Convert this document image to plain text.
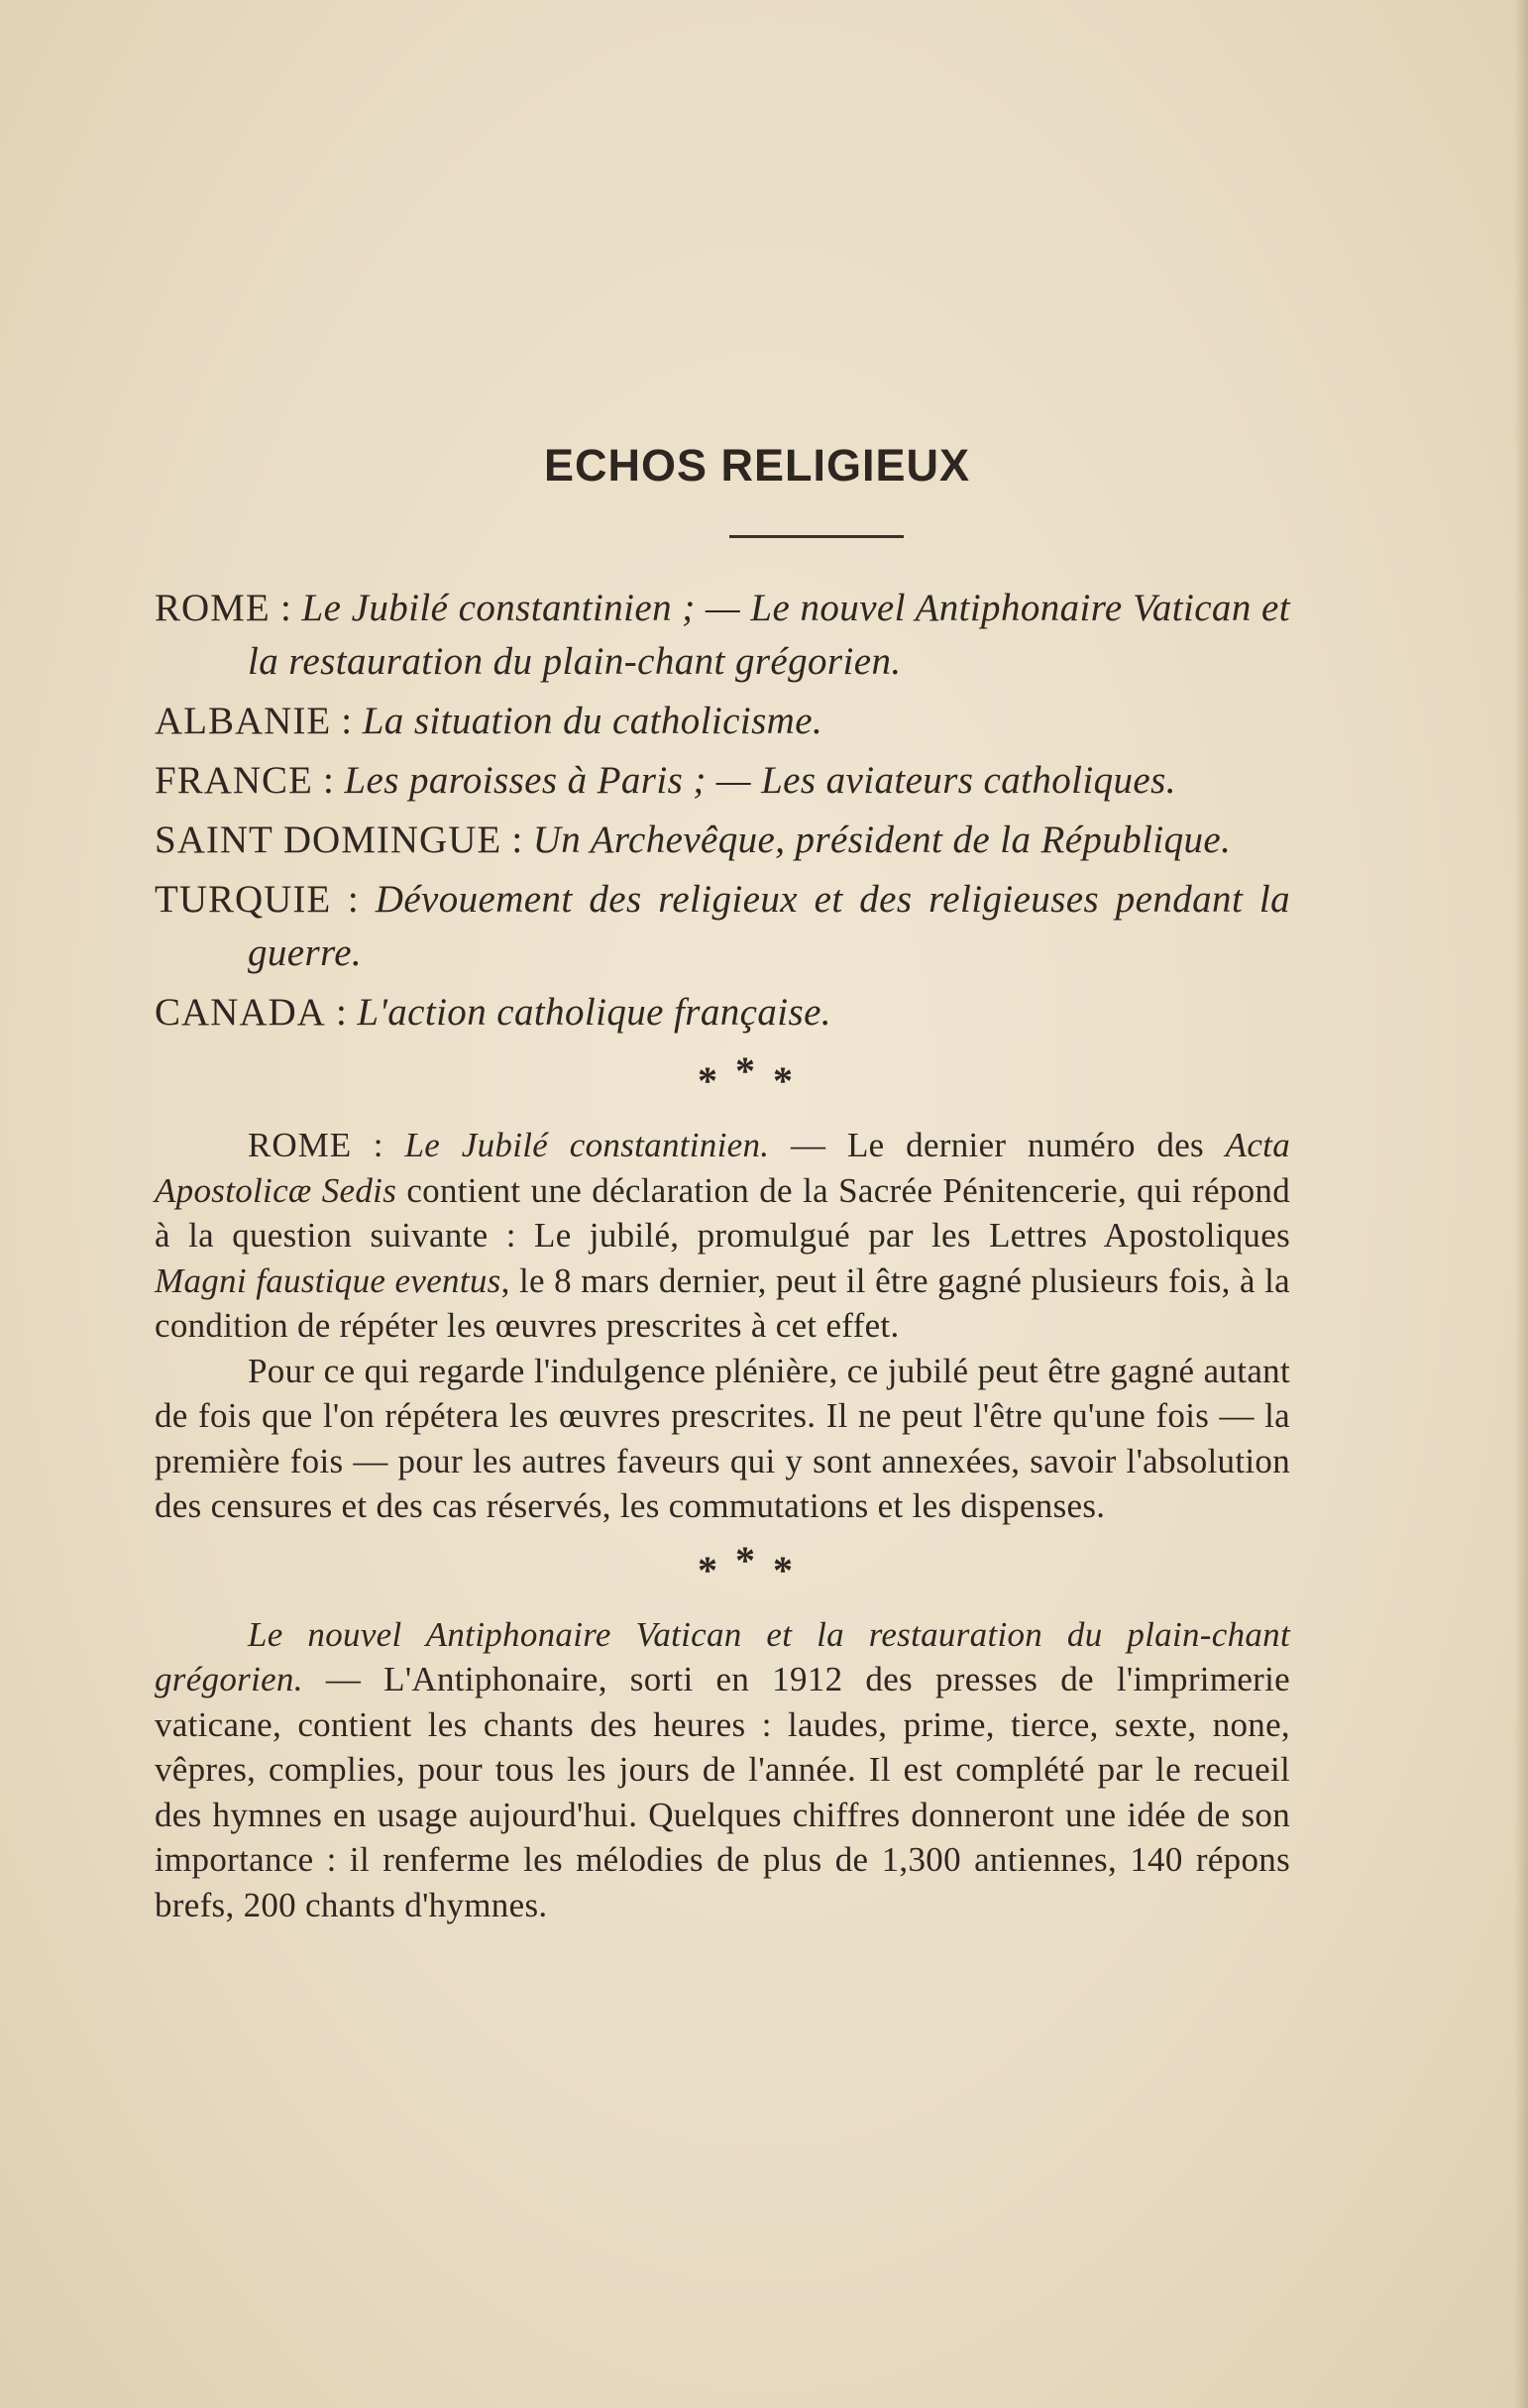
ECHOS RELIGIEUX

ROME : Le Jubilé constantinien ; — Le nouvel Antiphonaire Vatican et la restauration du plain-chant grégorien.

ALBANIE : La situation du catholicisme.

FRANCE : Les paroisses à Paris ; — Les aviateurs catholiques.

SAINT DOMINGUE : Un Archevêque, président de la République.

TURQUIE : Dévouement des religieux et des religieuses pendant la guerre.

CANADA : L'action catholique française.

* * *

ROME : Le Jubilé constantinien. — Le dernier numéro des Acta Apostolicæ Sedis contient une déclaration de la Sacrée Pénitencerie, qui répond à la question suivante : Le jubilé, promulgué par les Lettres Apostoliques Magni faustique eventus, le 8 mars dernier, peut il être gagné plusieurs fois, à la condition de répéter les œuvres prescrites à cet effet.

Pour ce qui regarde l'indulgence plénière, ce jubilé peut être gagné autant de fois que l'on répétera les œuvres prescrites. Il ne peut l'être qu'une fois — la première fois — pour les autres faveurs qui y sont annexées, savoir l'absolution des censures et des cas réservés, les commutations et les dispenses.

* * *

Le nouvel Antiphonaire Vatican et la restauration du plain-chant grégorien. — L'Antiphonaire, sorti en 1912 des presses de l'imprimerie vaticane, contient les chants des heures : laudes, prime, tierce, sexte, none, vêpres, complies, pour tous les jours de l'année. Il est complété par le recueil des hymnes en usage aujourd'hui. Quelques chiffres donneront une idée de son importance : il renferme les mélodies de plus de 1,300 antiennes, 140 répons brefs, 200 chants d'hymnes.
